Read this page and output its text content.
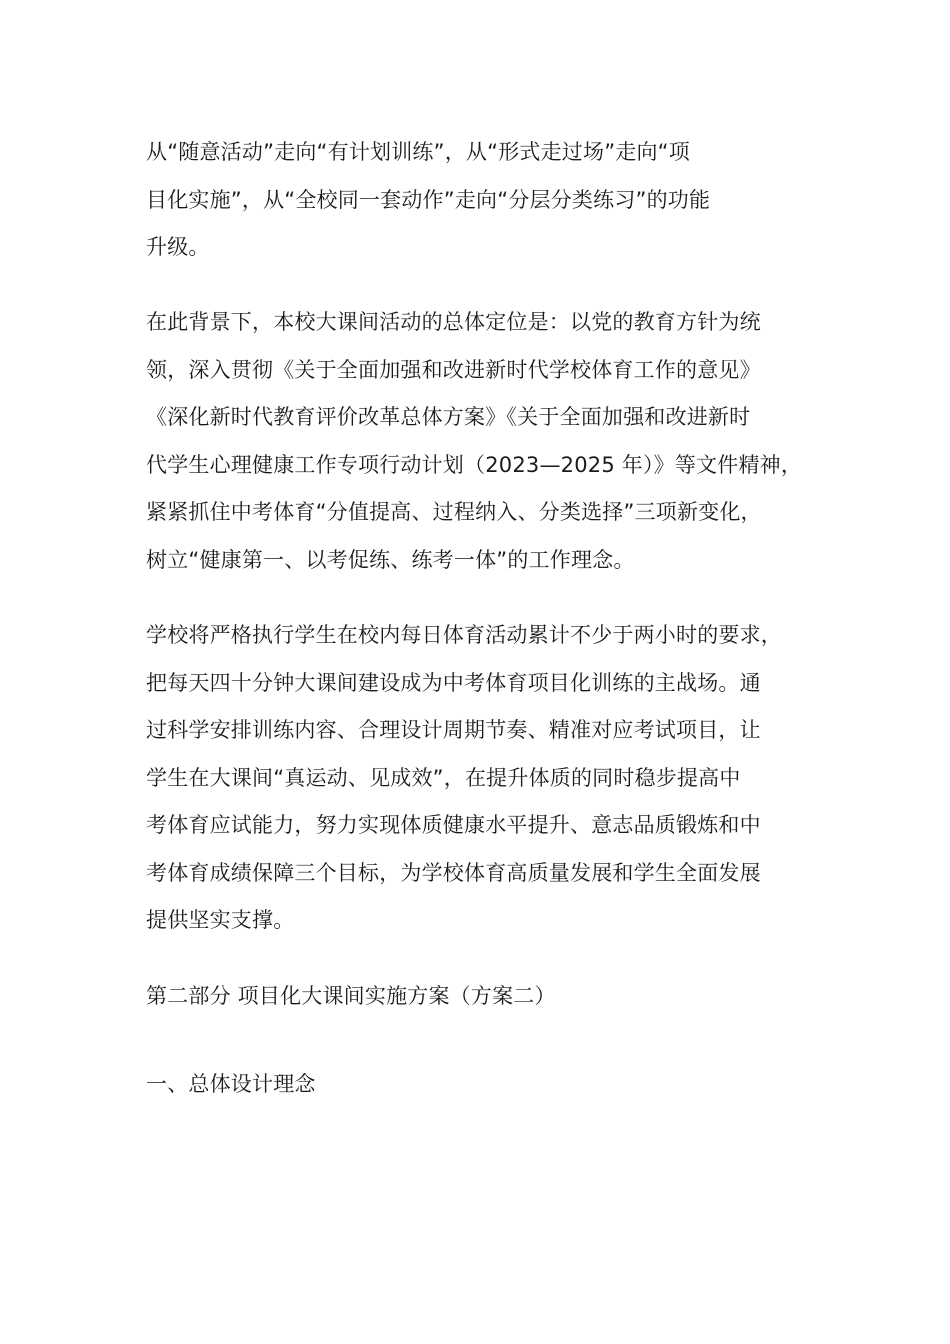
从“随意活动”走向“有计划训练”，从“形式走过场”走向“项
目化实施”，从“全校同一套动作”走向“分层分类练习”的功能
升级。

在此背景下，本校大课间活动的总体定位是：以党的教育方针为统
领，深入贯彻《关于全面加强和改进新时代学校体育工作的意见》
《深化新时代教育评价改革总体方案》《关于全面加强和改进新时
代学生心理健康工作专项行动计划（2023—2025 年）》等文件精神，
紧紧抓住中考体育“分值提高、过程纳入、分类选择”三项新变化，
树立“健康第一、以考促练、练考一体”的工作理念。

学校将严格执行学生在校内每日体育活动累计不少于两小时的要求，
把每天四十分钟大课间建设成为中考体育项目化训练的主战场。通
过科学安排训练内容、合理设计周期节奏、精准对应考试项目，让
学生在大课间“真运动、见成效”，在提升体质的同时稳步提高中
考体育应试能力，努力实现体质健康水平提升、意志品质锻炼和中
考体育成绩保障三个目标，为学校体育高质量发展和学生全面发展
提供坚实支撑。

第二部分 项目化大课间实施方案（方案二）

一、总体设计理念
